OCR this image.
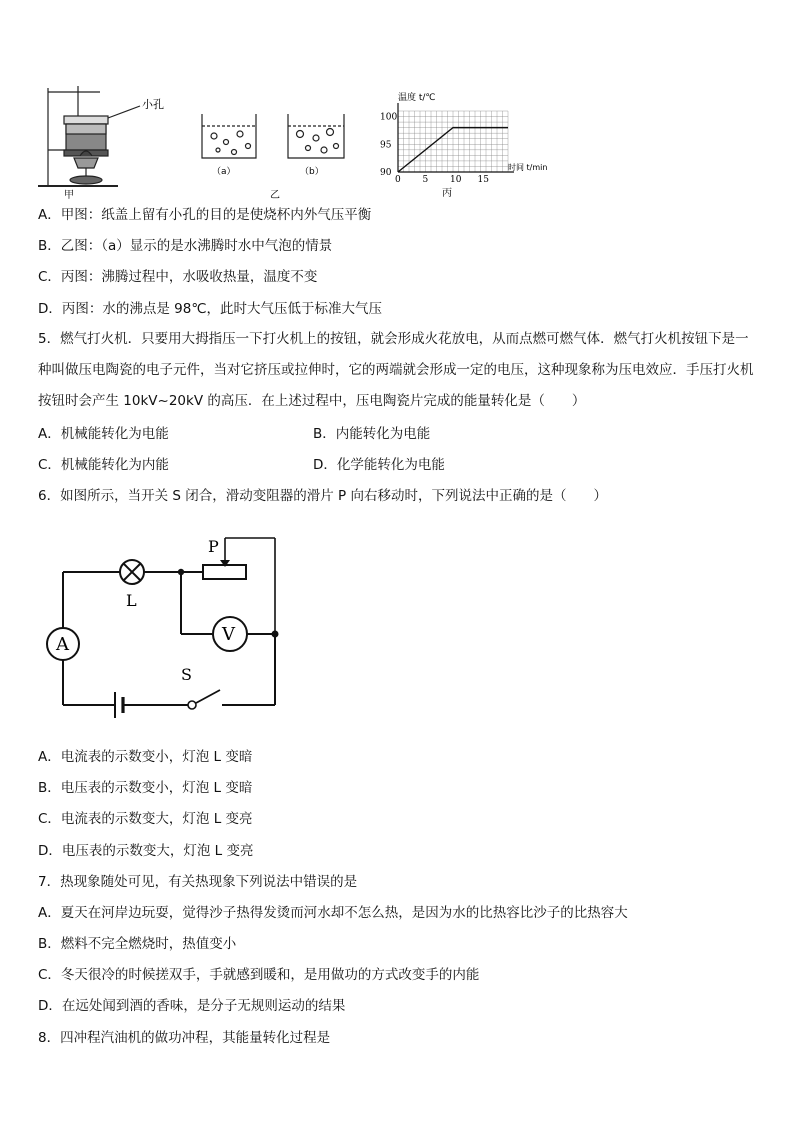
小孔
甲
（a）	（b）
乙
100
95
90
0 5 10 15
温度 t/℃
时间 t/min
丙
A．甲图：纸盖上留有小孔的目的是使烧杯内外气压平衡
B．乙图：（a）显示的是水沸腾时水中气泡的情景
C．丙图：沸腾过程中，水吸收热量，温度不变
D．丙图：水的沸点是 98℃，此时大气压低于标准大气压
5．燃气打火机．只要用大拇指压一下打火机上的按钮，就会形成火花放电，从而点燃可燃气体．燃气打火机按钮下是一种叫做压电陶瓷的电子元件，当对它挤压或拉伸时，它的两端就会形成一定的电压，这种现象称为压电效应．手压打火机按钮时会产生 10kV~20kV 的高压．在上述过程中，压电陶瓷片完成的能量转化是（　　）
A．机械能转化为电能	B．内能转化为电能
C．机械能转化为内能	D．化学能转化为电能
6．如图所示，当开关 S 闭合，滑动变阻器的滑片 P 向右移动时，下列说法中正确的是（　　）
P
L
A	V
S
A．电流表的示数变小，灯泡 L 变暗
B．电压表的示数变小，灯泡 L 变暗
C．电流表的示数变大，灯泡 L 变亮
D．电压表的示数变大，灯泡 L 变亮
7．热现象随处可见，有关热现象下列说法中错误的是
A．夏天在河岸边玩耍，觉得沙子热得发烫而河水却不怎么热，是因为水的比热容比沙子的比热容大
B．燃料不完全燃烧时，热值变小
C．冬天很冷的时候搓双手，手就感到暖和，是用做功的方式改变手的内能
D．在远处闻到酒的香味，是分子无规则运动的结果
8．四冲程汽油机的做功冲程，其能量转化过程是
